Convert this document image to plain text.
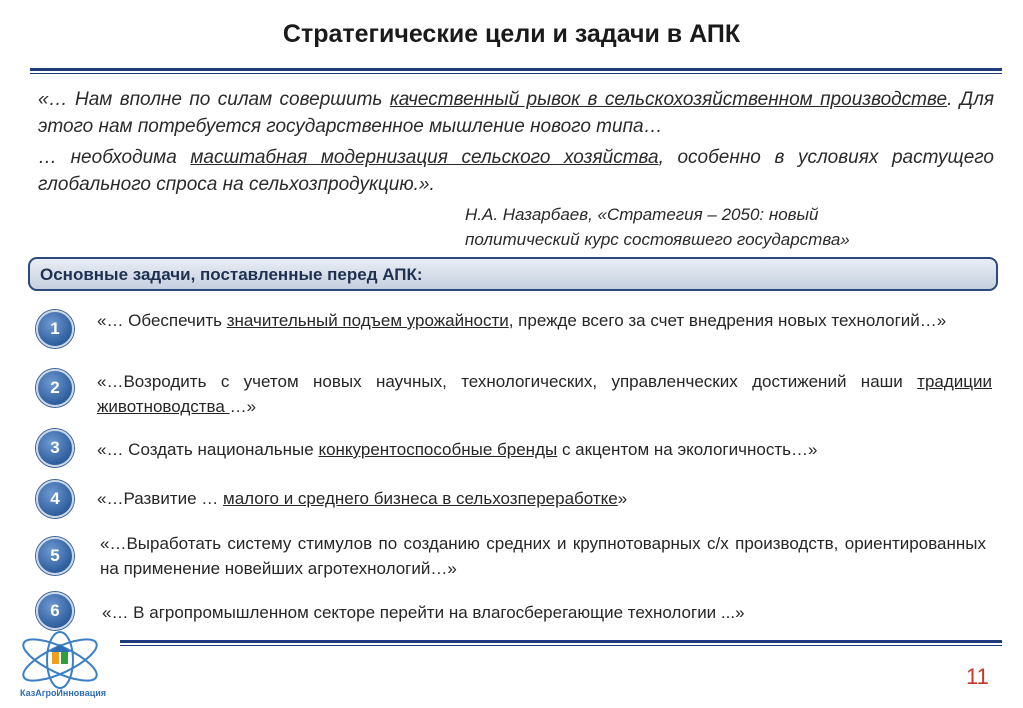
Стратегические цели и задачи в АПК
«… Нам вполне по силам совершить качественный рывок в сельскохозяйственном производстве. Для этого нам потребуется государственное мышление нового типа…
… необходима масштабная модернизация сельского хозяйства, особенно в условиях растущего глобального спроса на сельхозпродукцию.».
Н.А. Назарбаев, «Стратегия – 2050: новый
политический курс состоявшего государства»
Основные задачи, поставленные перед АПК:
1	«… Обеспечить значительный подъем урожайности, прежде всего за счет внедрения новых технологий…»
2	«…Возродить с учетом новых научных, технологических, управленческих достижений наши традиции животноводства …»
3	«… Создать национальные конкурентоспособные бренды с акцентом на экологичность…»
4	«…Развитие … малого и среднего бизнеса в сельхозпереработке»
5
«…Выработать систему стимулов по созданию средних и крупнотоварных с/х производств, ориентированных на применение новейших агротехнологий…»
6	«… В агропромышленном секторе перейти на влагосберегающие технологии ...»
КазАгроИнновация
11
